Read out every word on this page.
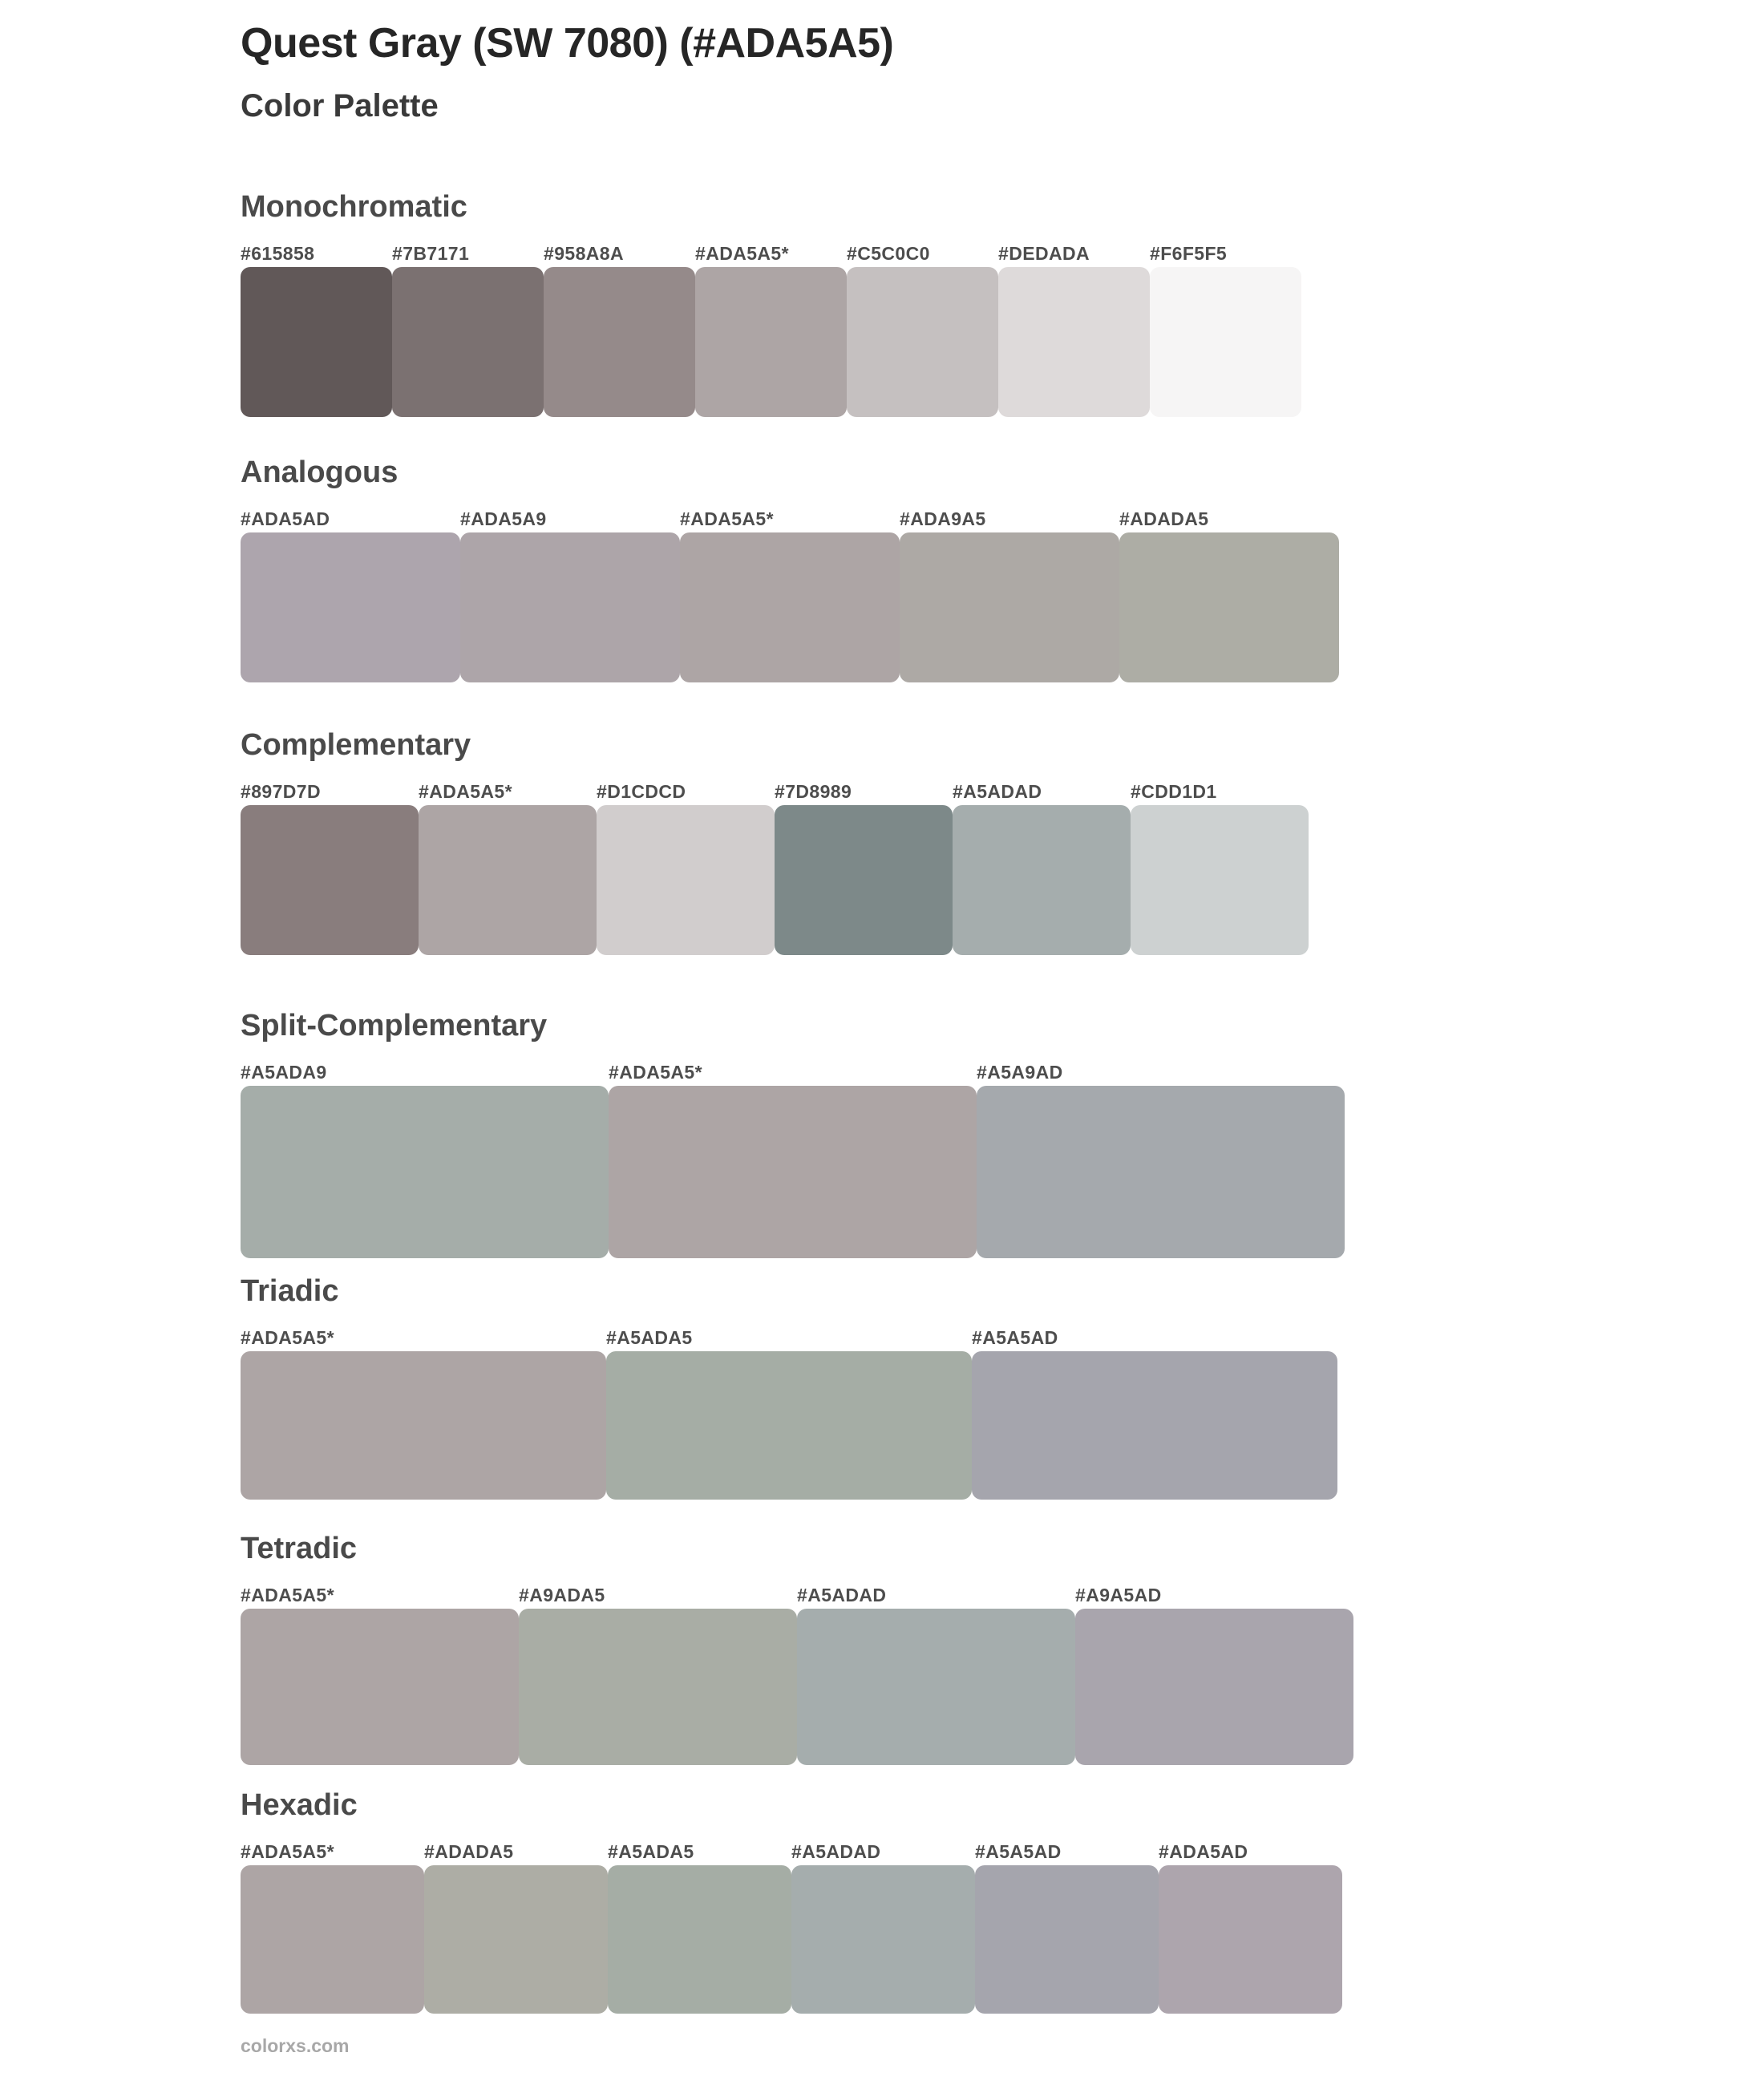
Quest Gray (SW 7080) (#ADA5A5)
Color Palette
Monochromatic
#615858	#7B7171	#958A8A	#ADA5A5*	#C5C0C0	#DEDADA	#F6F5F5
Analogous
#ADA5AD	#ADA5A9	#ADA5A5*	#ADA9A5	#ADADA5
Complementary
#897D7D	#ADA5A5*	#D1CDCD	#7D8989	#A5ADAD	#CDD1D1
Split-Complementary
#A5ADA9	#ADA5A5*	#A5A9AD
Triadic
#ADA5A5*	#A5ADA5	#A5A5AD
Tetradic
#ADA5A5*	#A9ADA5	#A5ADAD	#A9A5AD
Hexadic
#ADA5A5*	#ADADA5	#A5ADA5	#A5ADAD	#A5A5AD	#ADA5AD
colorxs.com
